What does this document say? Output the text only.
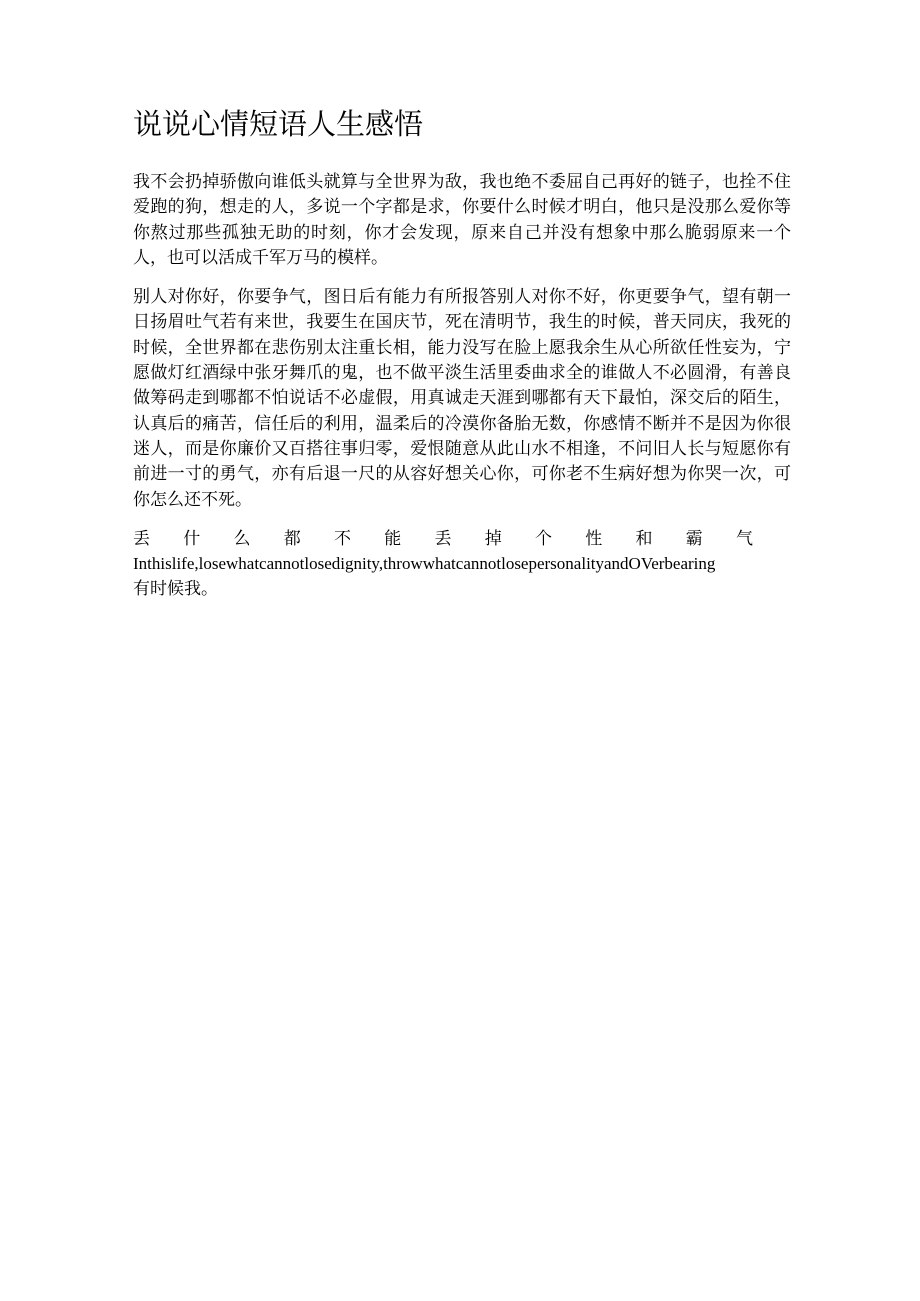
说说心情短语人生感悟

我不会扔掉骄傲向谁低头就算与全世界为敌，我也绝不委屈自己再好的链子，也拴不住爱跑的狗，想走的人，多说一个字都是求，你要什么时候才明白，他只是没那么爱你等你熬过那些孤独无助的时刻，你才会发现，原来自己并没有想象中那么脆弱原来一个人，也可以活成千军万马的模样。

别人对你好，你要争气，图日后有能力有所报答别人对你不好，你更要争气，望有朝一日扬眉吐气若有来世，我要生在国庆节，死在清明节，我生的时候，普天同庆，我死的时候，全世界都在悲伤别太注重长相，能力没写在脸上愿我余生从心所欲任性妄为，宁愿做灯红酒绿中张牙舞爪的鬼，也不做平淡生活里委曲求全的谁做人不必圆滑，有善良做筹码走到哪都不怕说话不必虚假，用真诚走天涯到哪都有天下最怕，深交后的陌生，认真后的痛苦，信任后的利用，温柔后的冷漠你备胎无数，你感情不断并不是因为你很迷人，而是你廉价又百搭往事归零，爱恨随意从此山水不相逢，不问旧人长与短愿你有前进一寸的勇气，亦有后退一尺的从容好想关心你，可你老不生病好想为你哭一次，可你怎么还不死。

丢 什 么 都 不 能 丢 掉 个 性 和 霸 气
Inthislife,losewhatcannotlosedignity,throwwhatcannotlosepersonalityandOVerbearing
有时候我。
